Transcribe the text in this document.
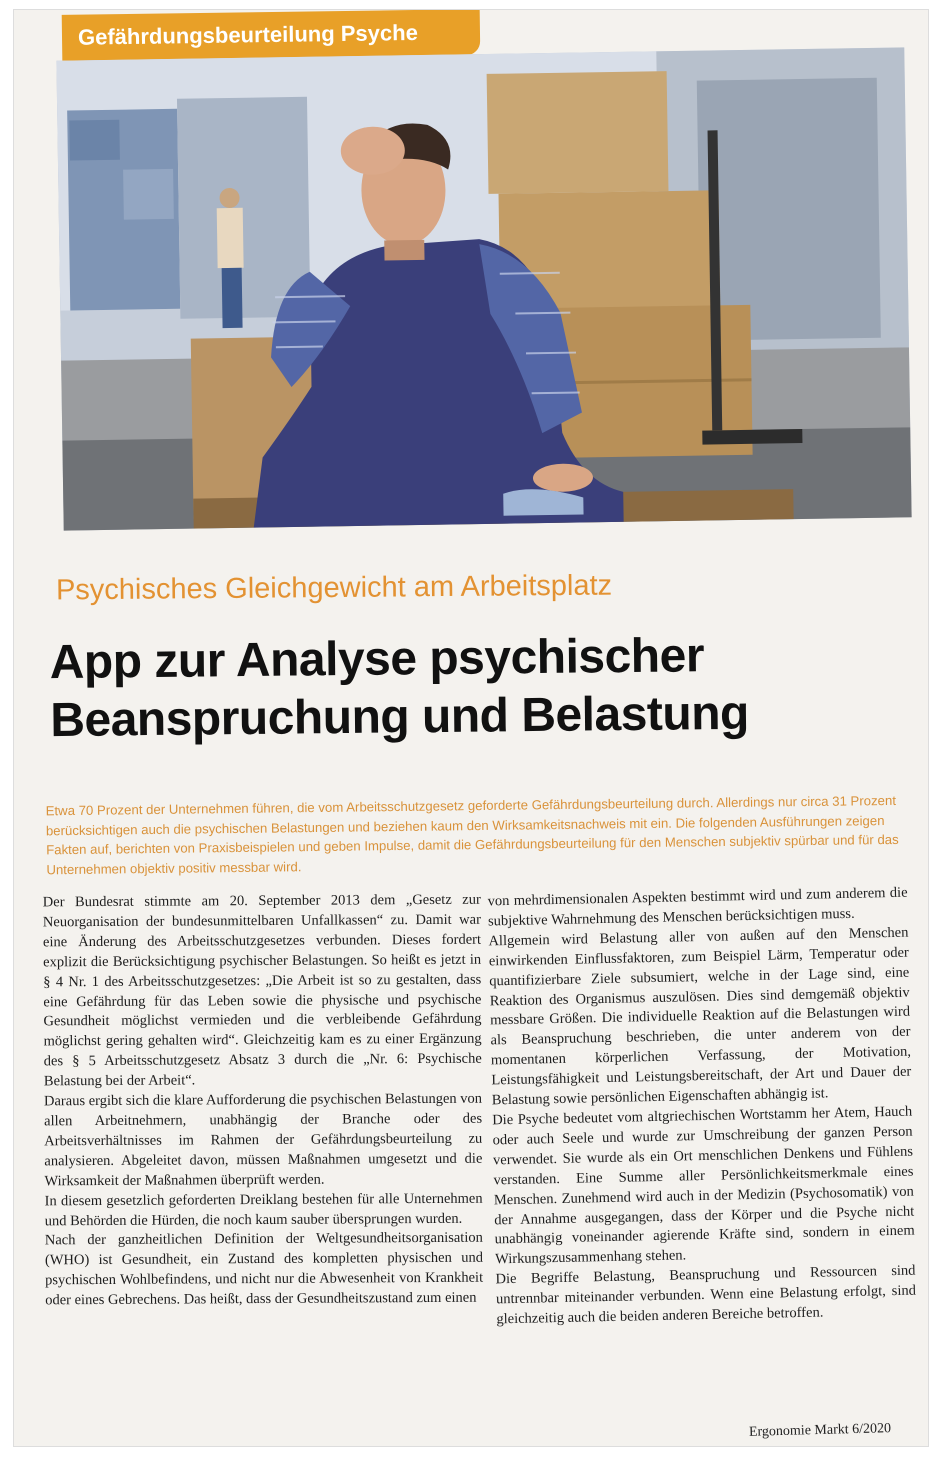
Gefährdungsbeurteilung Psyche
Psychisches Gleichgewicht am Arbeitsplatz
App zur Analyse psychischer
Beanspruchung und Belastung
Etwa 70 Prozent der Unternehmen führen, die vom Arbeitsschutzgesetz geforderte Gefährdungsbeurteilung durch. Allerdings nur circa 31 Prozent berücksichtigen auch die psychischen Belastungen und beziehen kaum den Wirksamkeitsnachweis mit ein. Die folgenden Ausführungen zeigen Fakten auf, berichten von Praxisbeispielen und geben Impulse, damit die Gefährdungsbeurteilung für den Menschen subjektiv spürbar und für das Unternehmen objektiv positiv messbar wird.

Der Bundesrat stimmte am 20. September 2013 dem „Gesetz zur Neuorganisation der bundesunmittelbaren Unfallkassen“ zu. Damit war eine Änderung des Arbeitsschutzgesetzes verbunden. Dieses fordert explizit die Berücksichtigung psychischer Belastungen. So heißt es jetzt in § 4 Nr. 1 des Arbeitsschutzgesetzes: „Die Arbeit ist so zu gestalten, dass eine Gefährdung für das Leben sowie die physische und psychische Gesundheit möglichst vermieden und die verbleibende Gefährdung möglichst gering gehalten wird“. Gleichzeitig kam es zu einer Ergänzung des § 5 Arbeitsschutzgesetz Absatz 3 durch die „Nr. 6: Psychische Belastung bei der Arbeit“.

Daraus ergibt sich die klare Aufforderung die psychischen Belastungen von allen Arbeitnehmern, unabhängig der Branche oder des Arbeitsverhältnisses im Rahmen der Gefährdungsbeurteilung zu analysieren. Abgeleitet davon, müssen Maßnahmen umgesetzt und die Wirksamkeit der Maßnahmen überprüft werden.

In diesem gesetzlich geforderten Dreiklang bestehen für alle Unternehmen und Behörden die Hürden, die noch kaum sauber übersprungen wurden.

Nach der ganzheitlichen Definition der Weltgesundheitsorganisation (WHO) ist Gesundheit, ein Zustand des kompletten physischen und psychischen Wohlbefindens, und nicht nur die Abwesenheit von Krankheit oder eines Gebrechens. Das heißt, dass der Gesundheitszustand zum einen

von mehrdimensionalen Aspekten bestimmt wird und zum anderem die subjektive Wahrnehmung des Menschen berücksichtigen muss.

Allgemein wird Belastung aller von außen auf den Menschen einwirkenden Einflussfaktoren, zum Beispiel Lärm, Temperatur oder quantifizierbare Ziele subsumiert, welche in der Lage sind, eine Reaktion des Organismus auszulösen. Dies sind demgemäß objektiv messbare Größen. Die individuelle Reaktion auf die Belastungen wird als Beanspruchung beschrieben, die unter anderem von der momentanen körperlichen Verfassung, der Motivation, Leistungsfähigkeit und Leistungsbereitschaft, der Art und Dauer der Belastung sowie persönlichen Eigenschaften abhängig ist.

Die Psyche bedeutet vom altgriechischen Wortstamm her Atem, Hauch oder auch Seele und wurde zur Umschreibung der ganzen Person verwendet. Sie wurde als ein Ort menschlichen Denkens und Fühlens verstanden. Eine Summe aller Persönlichkeitsmerkmale eines Menschen. Zunehmend wird auch in der Medizin (Psychosomatik) von der Annahme ausgegangen, dass der Körper und die Psyche nicht unabhängig voneinander agierende Kräfte sind, sondern in einem Wirkungszusammenhang stehen.

Die Begriffe Belastung, Beanspruchung und Ressourcen sind untrennbar miteinander verbunden. Wenn eine Belastung erfolgt, sind gleichzeitig auch die beiden anderen Bereiche betroffen.

Ergonomie Markt 6/2020
